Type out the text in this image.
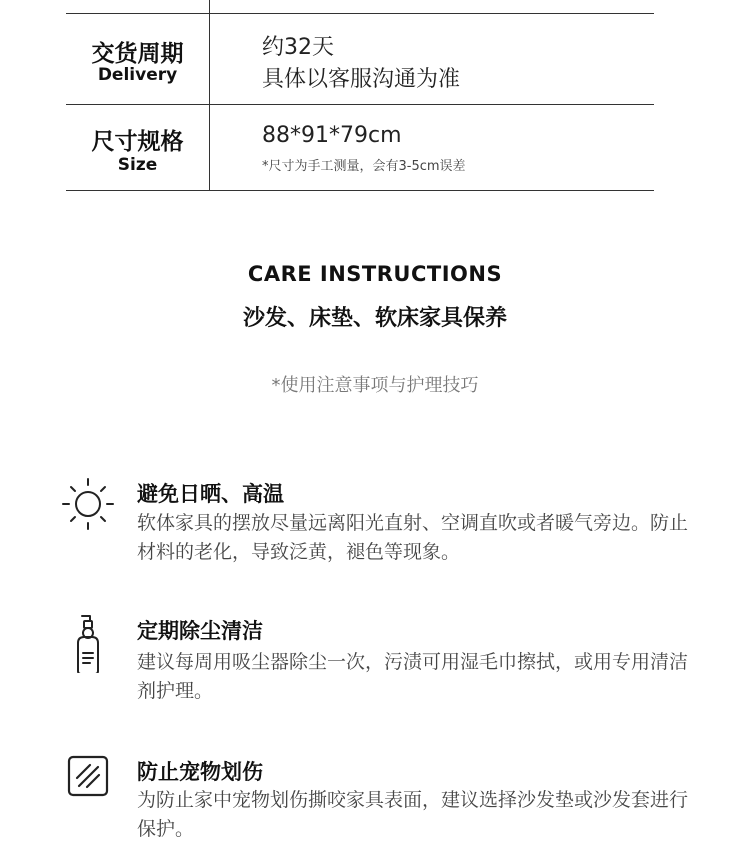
交货周期
Delivery
约32天
具体以客服沟通为准
尺寸规格
Size
88*91*79cm
*尺寸为手工测量，会有3-5cm误差
CARE INSTRUCTIONS
沙发、床垫、软床家具保养
*使用注意事项与护理技巧
避免日晒、高温
软体家具的摆放尽量远离阳光直射、空调直吹或者暖气旁边。防止材料的老化，导致泛黄，褪色等现象。
定期除尘清洁
建议每周用吸尘器除尘一次，污渍可用湿毛巾擦拭，或用专用清洁剂护理。
防止宠物划伤
为防止家中宠物划伤撕咬家具表面，建议选择沙发垫或沙发套进行保护。
